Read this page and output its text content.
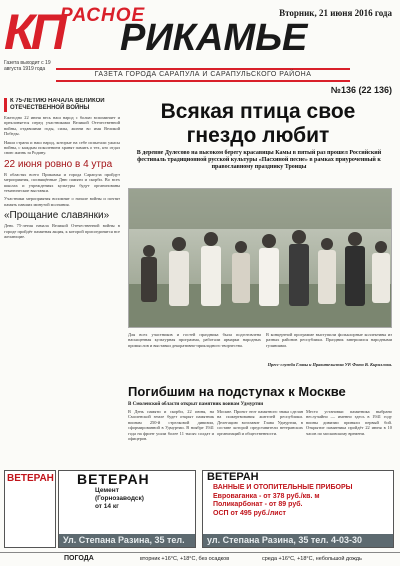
КП
РАСНОЕ
РИКАМЬЕ
Вторник, 21 июня 2016 года
Газета выходит с 19 августа 1919 года
ГАЗЕТА ГОРОДА САРАПУЛА И САРАПУЛЬСКОГО РАЙОНА
№136 (22 136)
К 75-ЛЕТИЮ НАЧАЛА ВЕЛИКОЙ ОТЕЧЕСТВЕННОЙ ВОЙНЫ

Ежегодно 22 июня весь наш народ с болью вспоминает и преклоняется перед участниками Великой Отечественной войны, отдавшими годы, силы, жизни во имя Великой Победы.

Наши страна и наш народ, которые на себе испытали ужасы войны, с каждым поколением хранят память о тех, кто отдал свою жизнь за Родину.

22 июня ровно в 4 утра

В областях всего Прикамья и города Сарапула пройдут мероприятия, посвящённые Дню памяти и скорби. Во всех школах и учреждениях культуры будут организованы тематические выставки.

Участники мероприятия вспомнят о начале войны и почтят память павших минутой молчания.

«Прощание славянки»

День 75-летия начала Великой Отечественной войны в городе пройдёт памятная акция, к которой присоединятся все желающие.

Всякая птица свое гнездо любит

В деревне Дулесово на высоком берегу красавицы Камы в пятый раз прошел Российский фестиваль традиционной русской культуры «Пасхиной песне» в рамках приуроченный к православному празднику Троицы

Для всех участников и гостей праздника была подготовлена насыщенная культурная программа, работали ярмарки народных промыслов и выставки декоративно-прикладного творчества.

В концертной программе выступили фольклорные коллективы из разных районов республики. Праздник завершился народными гуляниями.

Пресс-служба Главы и Правительства УР. Фото В. Кириллова.

Погибшим на подступах к Москве

В Смоленской области открыт памятник воинам Удмуртии

В День памяти и скорби, 22 июня, на Смоленской земле будет открыт памятник воинам 250-й стрелковой дивизии, сформированной в Удмуртии. В ноябре 1941 года на фронт ушли более 11 тысяч солдат и офицеров.

Москве. Проект этот памятного знака сделан на пожертвования жителей республики. Делегацию возглавит Глава Удмуртии, в составе которой представители ветеранских организаций и общественности.

Место установки памятника выбрано неслучайно — именно здесь в 1941 году воины дивизии приняли первый бой. Открытие памятника пройдёт 22 июня в 10 часов по московскому времени.

ВЕТЕРАН	ВЕТЕРАН
Цемент
(Горнозаводск)
от 14 кг
Ул. Степана Разина, 35 тел.
ВЕТЕРАН
ВАННЫЕ И ОТОПИТЕЛЬНЫЕ ПРИБОРЫ
Евроваганка - от 378 руб./кв. м
Поликарбонат - от 89 руб.
ОСП от 495 руб./лист
ул. Степана Разина, 35 тел. 4-03-30
ПОГОДА	вторник +16°С, +18°С, без осадков	среда +16°С, +18°С, небольшой дождь
